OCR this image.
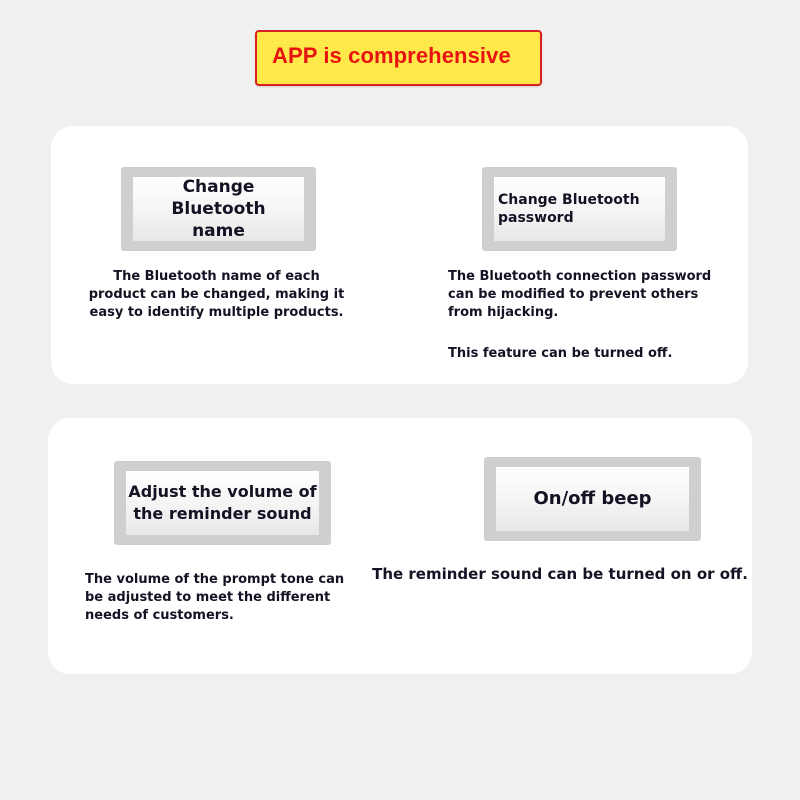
APP is comprehensive
Change Bluetooth
name

The Bluetooth name of each
product can be changed, making it
easy to identify multiple products.

Change Bluetooth
password

The Bluetooth connection password
can be modified to prevent others
from hijacking.

This feature can be turned off.

Adjust the volume of
the reminder sound

The volume of the prompt tone can
be adjusted to meet the different
needs of customers.

On/off beep

The reminder sound can be turned on or off.
